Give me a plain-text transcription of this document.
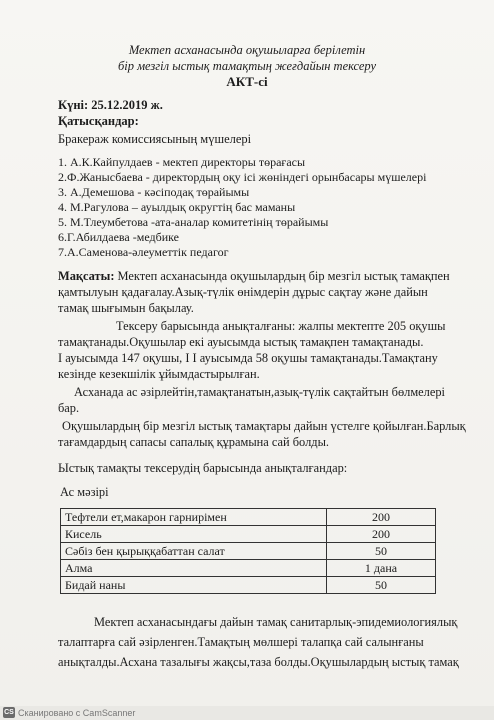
Мектеп асханасында оқушыларға берілетін
бір мезгіл ыстық тамақтың жеғдайын тексеру
АКТ-сі
Күні: 25.12.2019 ж.
Қатысқандар:
Бракераж комиссиясының мүшелері
1. А.К.Кайпулдаев - мектеп директоры төрағасы
2.Ф.Жанысбаева - директордың оқу ісі жөніндегі орынбасары мүшелері
3. А.Демешова - кәсіподақ төрайымы
4. М.Рагулова – ауылдық округтің бас маманы
5. М.Тлеумбетова -ата-аналар комитетінің төрайымы
6.Г.Абилдаева -медбике
7.А.Саменова-әлеуметтік педагог
Мақсаты: Мектеп асханасында оқушылардың бір мезгіл ыстық тамақпен
қамтылуын қадағалау.Азық-түлік өнімдерін дұрыс сақтау және дайын
тамақ шығымын бақылау.
Тексеру барысында анықталғаны: жалпы мектепте 205 оқушы
тамақтанады.Оқушылар екі ауысымда ыстық тамақпен тамақтанады.
I ауысымда 147 оқушы, I I ауысымда 58 оқушы тамақтанады.Тамақтану
кезінде кезекшілік ұйымдастырылған.
Асханада ас әзірлейтін,тамақтанатын,азық-түлік сақтайтын бөлмелері
бар.
Оқушылардың бір мезгіл ыстық тамақтары дайын үстелге қойылған.Барлық
тағамдардың сапасы сапалық құрамына сай болды.
Ыстық тамақты тексерудің барысында анықталғандар:
Ас мәзірі
Тефтели ет,макарон гарнирімен	200
Кисель	200
Сәбіз бен қырыққабаттан салат	50
Алма	1 дана
Бидай наны	50
Мектеп асханасындағы дайын тамақ санитарлық-эпидемиологиялық
талаптарға сай әзірленген.Тамақтың мөлшері талапқа сай салынғаны
анықталды.Асхана тазалығы жақсы,таза болды.Оқушылардың ыстық тамақ
CS Сканировано с CamScanner
